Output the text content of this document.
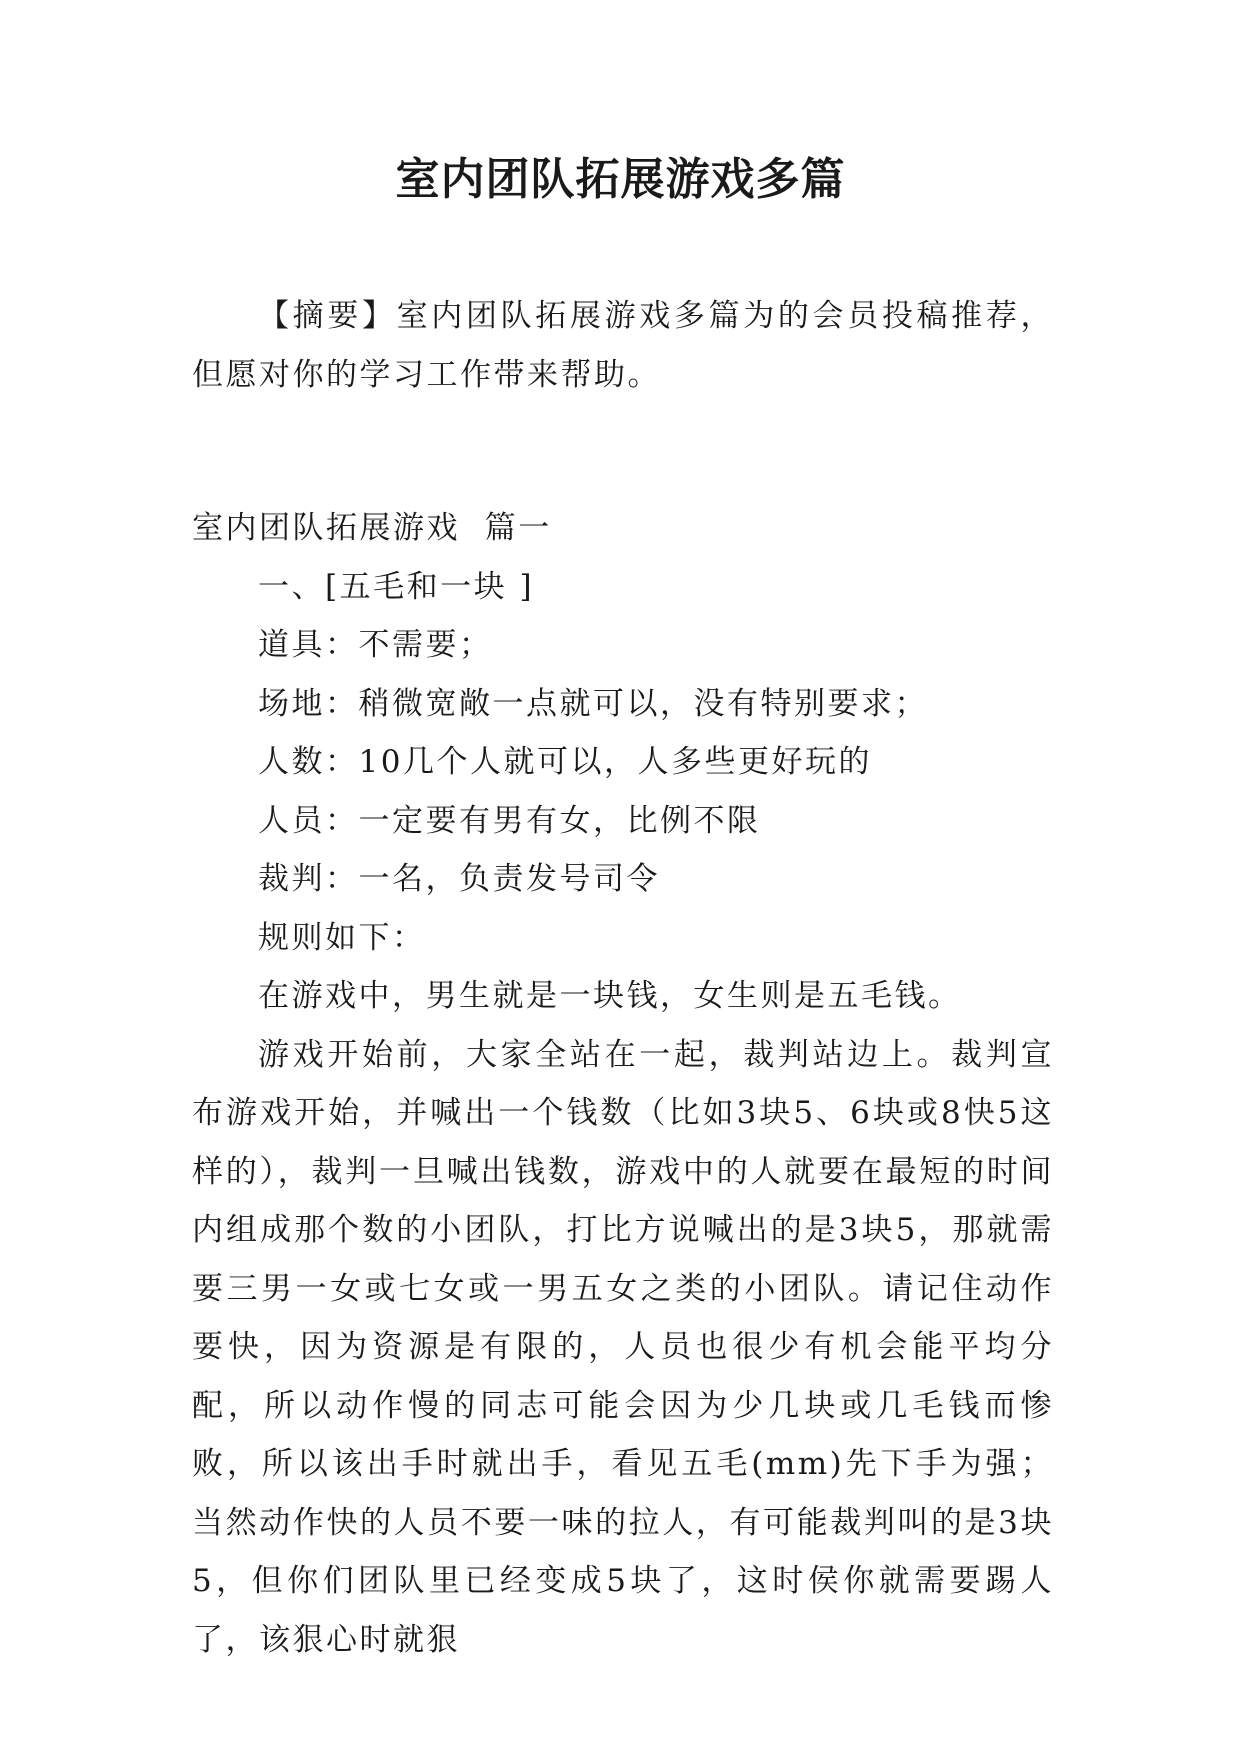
室内团队拓展游戏多篇

【摘要】室内团队拓展游戏多篇为的会员投稿推荐，但愿对你的学习工作带来帮助。

室内团队拓展游戏  篇一

一、[五毛和一块 ]

道具：不需要；

场地：稍微宽敞一点就可以，没有特别要求；

人数：10几个人就可以，人多些更好玩的

人员：一定要有男有女，比例不限

裁判：一名，负责发号司令

规则如下：

在游戏中，男生就是一块钱，女生则是五毛钱。

游戏开始前，大家全站在一起，裁判站边上。裁判宣布游戏开始，并喊出一个钱数（比如3块5、6块或8快5这样的），裁判一旦喊出钱数，游戏中的人就要在最短的时间内组成那个数的小团队，打比方说喊出的是3块5，那就需要三男一女或七女或一男五女之类的小团队。请记住动作要快，因为资源是有限的，人员也很少有机会能平均分配，所以动作慢的同志可能会因为少几块或几毛钱而惨败，所以该出手时就出手，看见五毛(mm)先下手为强；当然动作快的人员不要一味的拉人，有可能裁判叫的是3块5，但你们团队里已经变成5块了，这时侯你就需要踢人了，该狠心时就狠
